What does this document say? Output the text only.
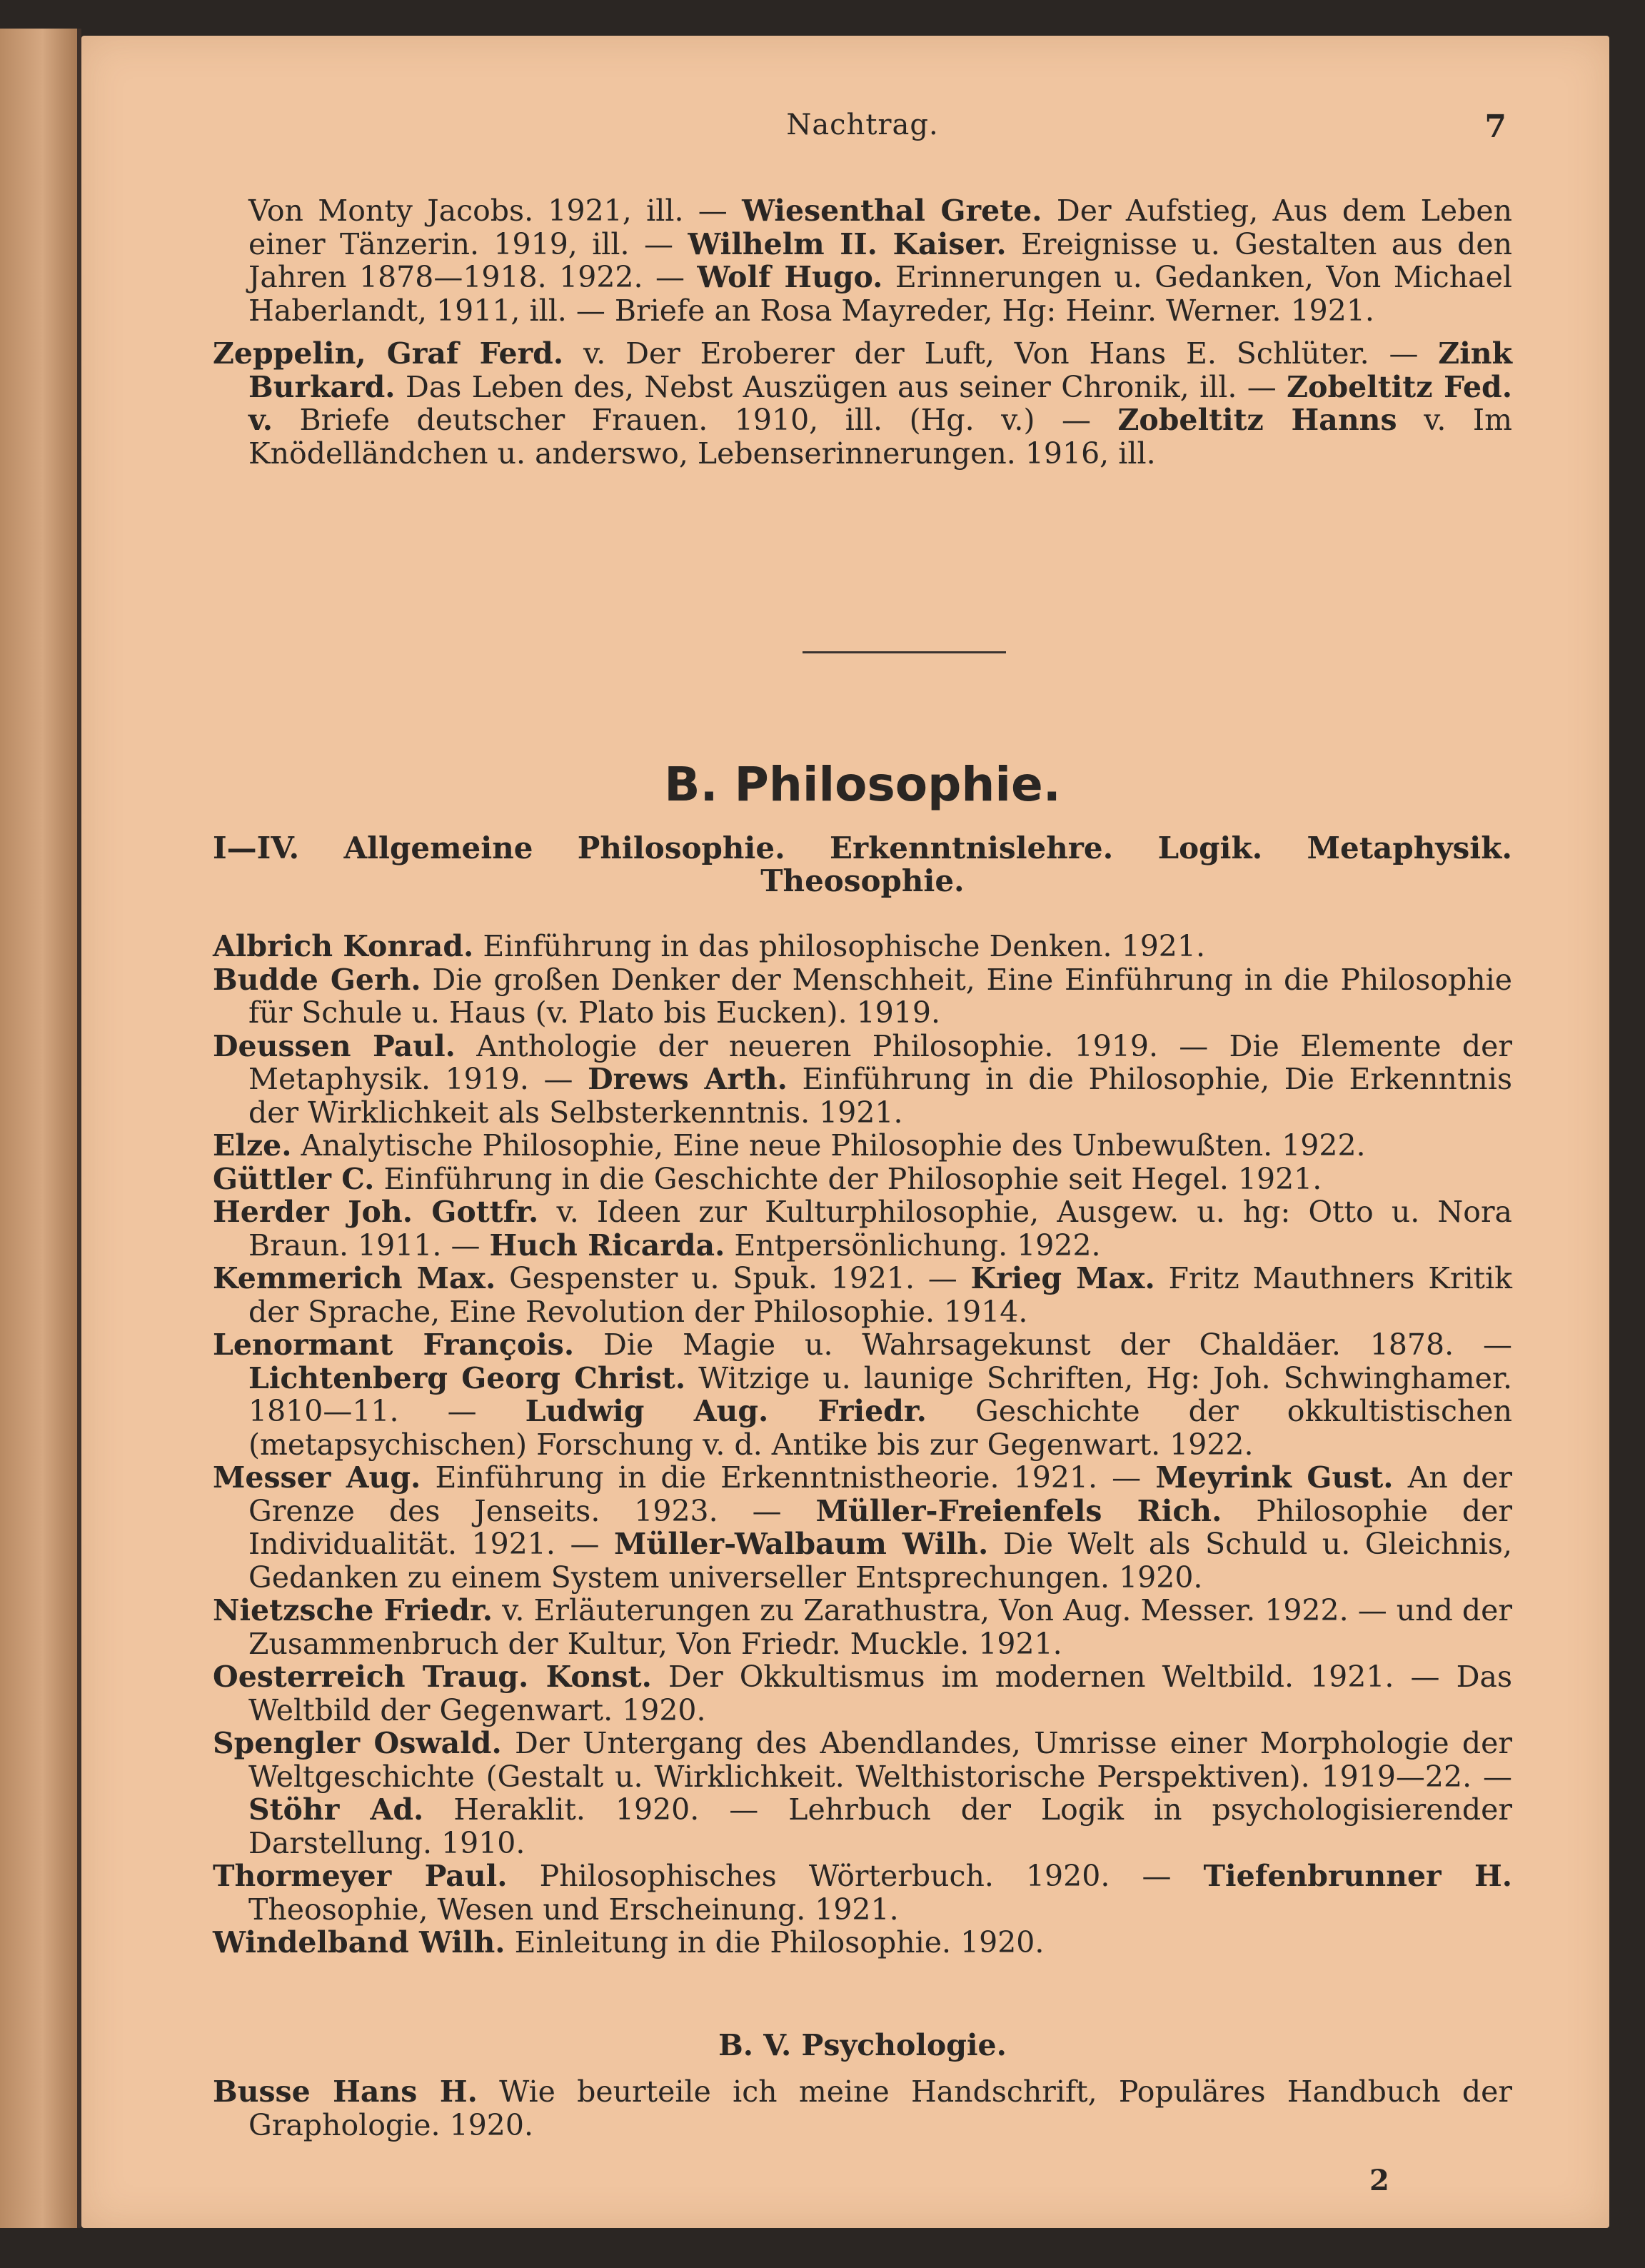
Nachtrag.	7

Von Monty Jacobs. 1921, ill. — Wiesenthal Grete. Der Aufstieg, Aus dem Leben einer Tänzerin. 1919, ill. — Wilhelm II. Kaiser. Ereignisse u. Gestalten aus den Jahren 1878—1918. 1922. — Wolf Hugo. Erinnerungen u. Gedanken, Von Michael Haberlandt, 1911, ill. — Briefe an Rosa Mayreder, Hg: Heinr. Werner. 1921.

Zeppelin, Graf Ferd. v. Der Eroberer der Luft, Von Hans E. Schlüter. — Zink Burkard. Das Leben des, Nebst Auszügen aus seiner Chronik, ill. — Zobeltitz Fed. v. Briefe deutscher Frauen. 1910, ill. (Hg. v.) — Zobeltitz Hanns v. Im Knödelländchen u. anderswo, Lebenserinnerungen. 1916, ill.

B. Philosophie.

I—IV. Allgemeine Philosophie. Erkenntnislehre. Logik. Metaphysik.

Theosophie.

Albrich Konrad. Einführung in das philosophische Denken. 1921.

Budde Gerh. Die großen Denker der Menschheit, Eine Einführung in die Philosophie für Schule u. Haus (v. Plato bis Eucken). 1919.

Deussen Paul. Anthologie der neueren Philosophie. 1919. — Die Elemente der Metaphysik. 1919. — Drews Arth. Einführung in die Philosophie, Die Erkenntnis der Wirklichkeit als Selbsterkenntnis. 1921.

Elze. Analytische Philosophie, Eine neue Philosophie des Unbewußten. 1922.

Güttler C. Einführung in die Geschichte der Philosophie seit Hegel. 1921.

Herder Joh. Gottfr. v. Ideen zur Kulturphilosophie, Ausgew. u. hg: Otto u. Nora Braun. 1911. — Huch Ricarda. Entpersönlichung. 1922.

Kemmerich Max. Gespenster u. Spuk. 1921. — Krieg Max. Fritz Mauthners Kritik der Sprache, Eine Revolution der Philosophie. 1914.

Lenormant François. Die Magie u. Wahrsagekunst der Chaldäer. 1878. — Lichtenberg Georg Christ. Witzige u. launige Schriften, Hg: Joh. Schwinghamer. 1810—11. — Ludwig Aug. Friedr. Geschichte der okkultistischen (metapsychischen) Forschung v. d. Antike bis zur Gegenwart. 1922.

Messer Aug. Einführung in die Erkenntnistheorie. 1921. — Meyrink Gust. An der Grenze des Jenseits. 1923. — Müller-Freienfels Rich. Philosophie der Individualität. 1921. — Müller-Walbaum Wilh. Die Welt als Schuld u. Gleichnis, Gedanken zu einem System universeller Entsprechungen. 1920.

Nietzsche Friedr. v. Erläuterungen zu Zarathustra, Von Aug. Messer. 1922. — und der Zusammenbruch der Kultur, Von Friedr. Muckle. 1921.

Oesterreich Traug. Konst. Der Okkultismus im modernen Weltbild. 1921. — Das Weltbild der Gegenwart. 1920.

Spengler Oswald. Der Untergang des Abendlandes, Umrisse einer Morphologie der Weltgeschichte (Gestalt u. Wirklichkeit. Welthistorische Perspektiven). 1919—22. — Stöhr Ad. Heraklit. 1920. — Lehrbuch der Logik in psychologisierender Darstellung. 1910.

Thormeyer Paul. Philosophisches Wörterbuch. 1920. — Tiefenbrunner H. Theosophie, Wesen und Erscheinung. 1921.

Windelband Wilh. Einleitung in die Philosophie. 1920.

B. V. Psychologie.

Busse Hans H. Wie beurteile ich meine Handschrift, Populäres Handbuch der Graphologie. 1920.

2
